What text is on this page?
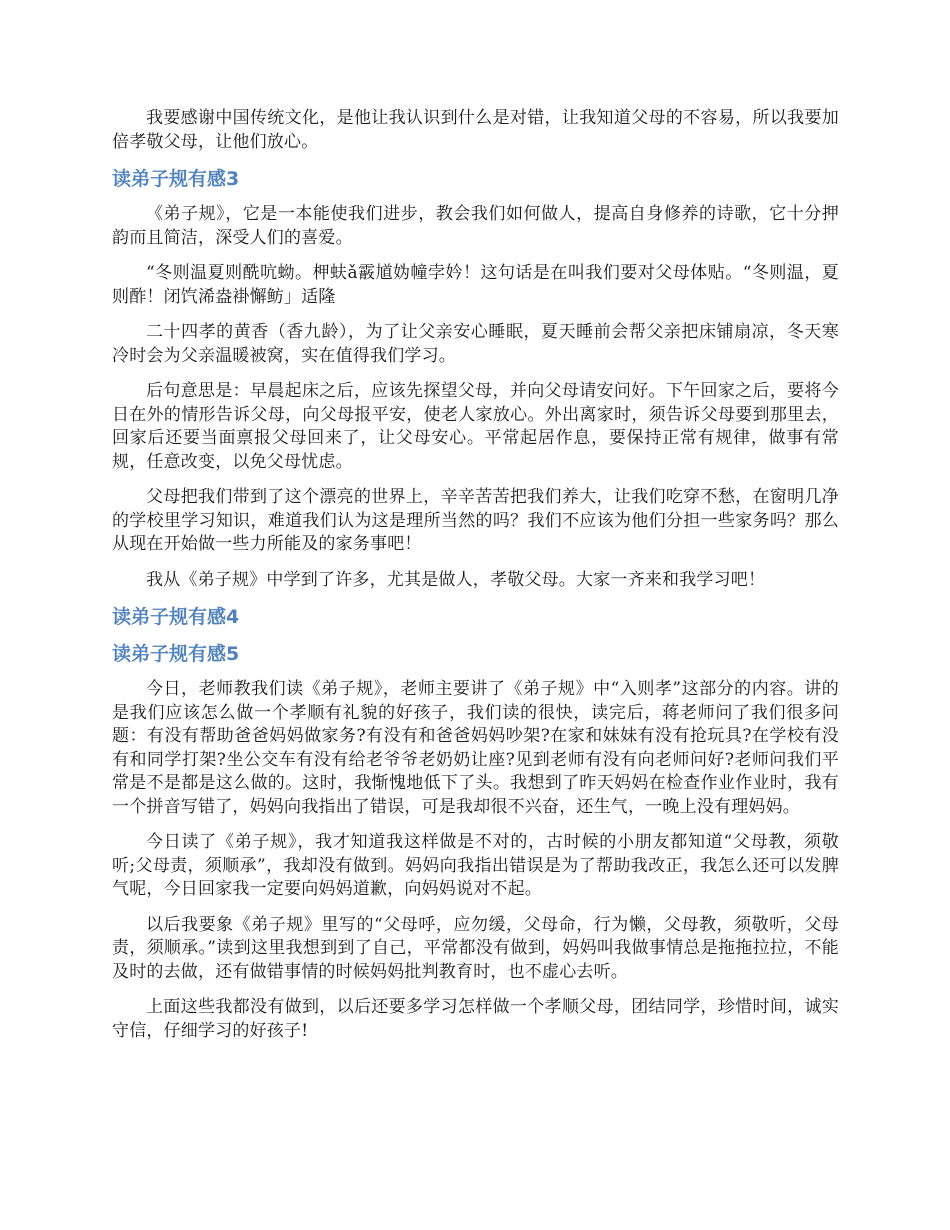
我要感谢中国传统文化，是他让我认识到什么是对错，让我知道父母的不容易，所以我要加倍孝敬父母，让他们放心。

读弟子规有感3

《弟子规》，它是一本能使我们进步，教会我们如何做人，提高自身修养的诗歌，它十分押韵而且简洁，深受人们的喜爱。

“冬则温夏则酰吭蚴。柙蚨ǎ霰馗妫幢孛妗！这句话是在叫我们要对父母体贴。“冬则温，夏则酢！闭饩浠盎褂懈鲂」适隆

二十四孝的黄香（香九龄），为了让父亲安心睡眠，夏天睡前会帮父亲把床铺扇凉，冬天寒冷时会为父亲温暖被窝，实在值得我们学习。

后句意思是：早晨起床之后，应该先探望父母，并向父母请安问好。下午回家之后，要将今日在外的情形告诉父母，向父母报平安，使老人家放心。外出离家时，须告诉父母要到那里去，回家后还要当面禀报父母回来了，让父母安心。平常起居作息，要保持正常有规律，做事有常规，任意改变，以免父母忧虑。

父母把我们带到了这个漂亮的世界上，辛辛苦苦把我们养大，让我们吃穿不愁，在窗明几净的学校里学习知识，难道我们认为这是理所当然的吗？我们不应该为他们分担一些家务吗？那么从现在开始做一些力所能及的家务事吧！

我从《弟子规》中学到了许多，尤其是做人，孝敬父母。大家一齐来和我学习吧！

读弟子规有感4
读弟子规有感5

今日，老师教我们读《弟子规》，老师主要讲了《弟子规》中“入则孝”这部分的内容。讲的是我们应该怎么做一个孝顺有礼貌的好孩子，我们读的很快，读完后，蒋老师问了我们很多问题：有没有帮助爸爸妈妈做家务?有没有和爸爸妈妈吵架?在家和妹妹有没有抢玩具?在学校有没有和同学打架?坐公交车有没有给老爷爷老奶奶让座?见到老师有没有向老师问好?老师问我们平常是不是都是这么做的。这时，我惭愧地低下了头。我想到了昨天妈妈在检查作业作业时，我有一个拼音写错了，妈妈向我指出了错误，可是我却很不兴奋，还生气，一晚上没有理妈妈。

今日读了《弟子规》，我才知道我这样做是不对的，古时候的小朋友都知道“父母教，须敬听;父母责，须顺承”，我却没有做到。妈妈向我指出错误是为了帮助我改正，我怎么还可以发脾气呢，今日回家我一定要向妈妈道歉，向妈妈说对不起。

以后我要象《弟子规》里写的“父母呼，应勿缓，父母命，行为懒，父母教，须敬听，父母责，须顺承。”读到这里我想到到了自己，平常都没有做到，妈妈叫我做事情总是拖拖拉拉，不能及时的去做，还有做错事情的时候妈妈批判教育时，也不虚心去听。

上面这些我都没有做到，以后还要多学习怎样做一个孝顺父母，团结同学，珍惜时间，诚实守信，仔细学习的好孩子!
